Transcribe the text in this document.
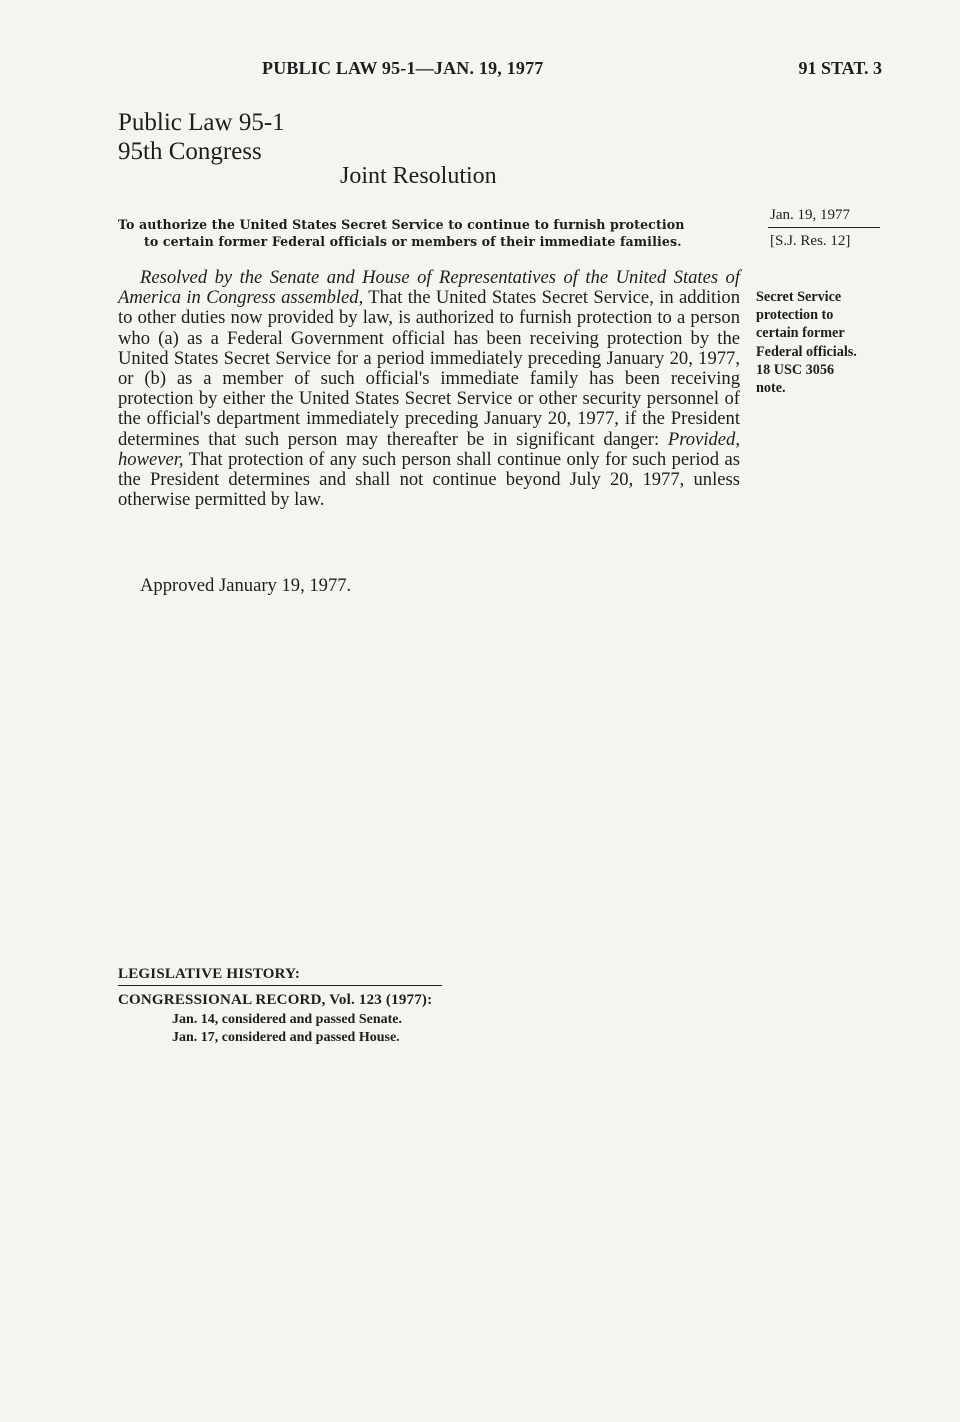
PUBLIC LAW 95-1—JAN. 19, 1977	91 STAT. 3
Public Law 95-1
95th Congress
Joint Resolution
To authorize the United States Secret Service to continue to furnish protection
to certain former Federal officials or members of their immediate families.
Jan. 19, 1977
[S.J. Res. 12]
Secret Service
protection to
certain former
Federal officials.
18 USC 3056
note.

Resolved by the Senate and House of Representatives of the United States of America in Congress assembled, That the United States Secret Service, in addition to other duties now provided by law, is authorized to furnish protection to a person who (a) as a Federal Government official has been receiving protection by the United States Secret Service for a period immediately preceding January 20, 1977, or (b) as a member of such official's immediate family has been receiving protection by either the United States Secret Service or other security personnel of the official's department immediately preceding January 20, 1977, if the President determines that such person may thereafter be in significant danger: Provided, however, That protection of any such person shall continue only for such period as the President determines and shall not continue beyond July 20, 1977, unless otherwise permitted by law.

Approved January 19, 1977.
LEGISLATIVE HISTORY:
CONGRESSIONAL RECORD, Vol. 123 (1977):
Jan. 14, considered and passed Senate.
Jan. 17, considered and passed House.
